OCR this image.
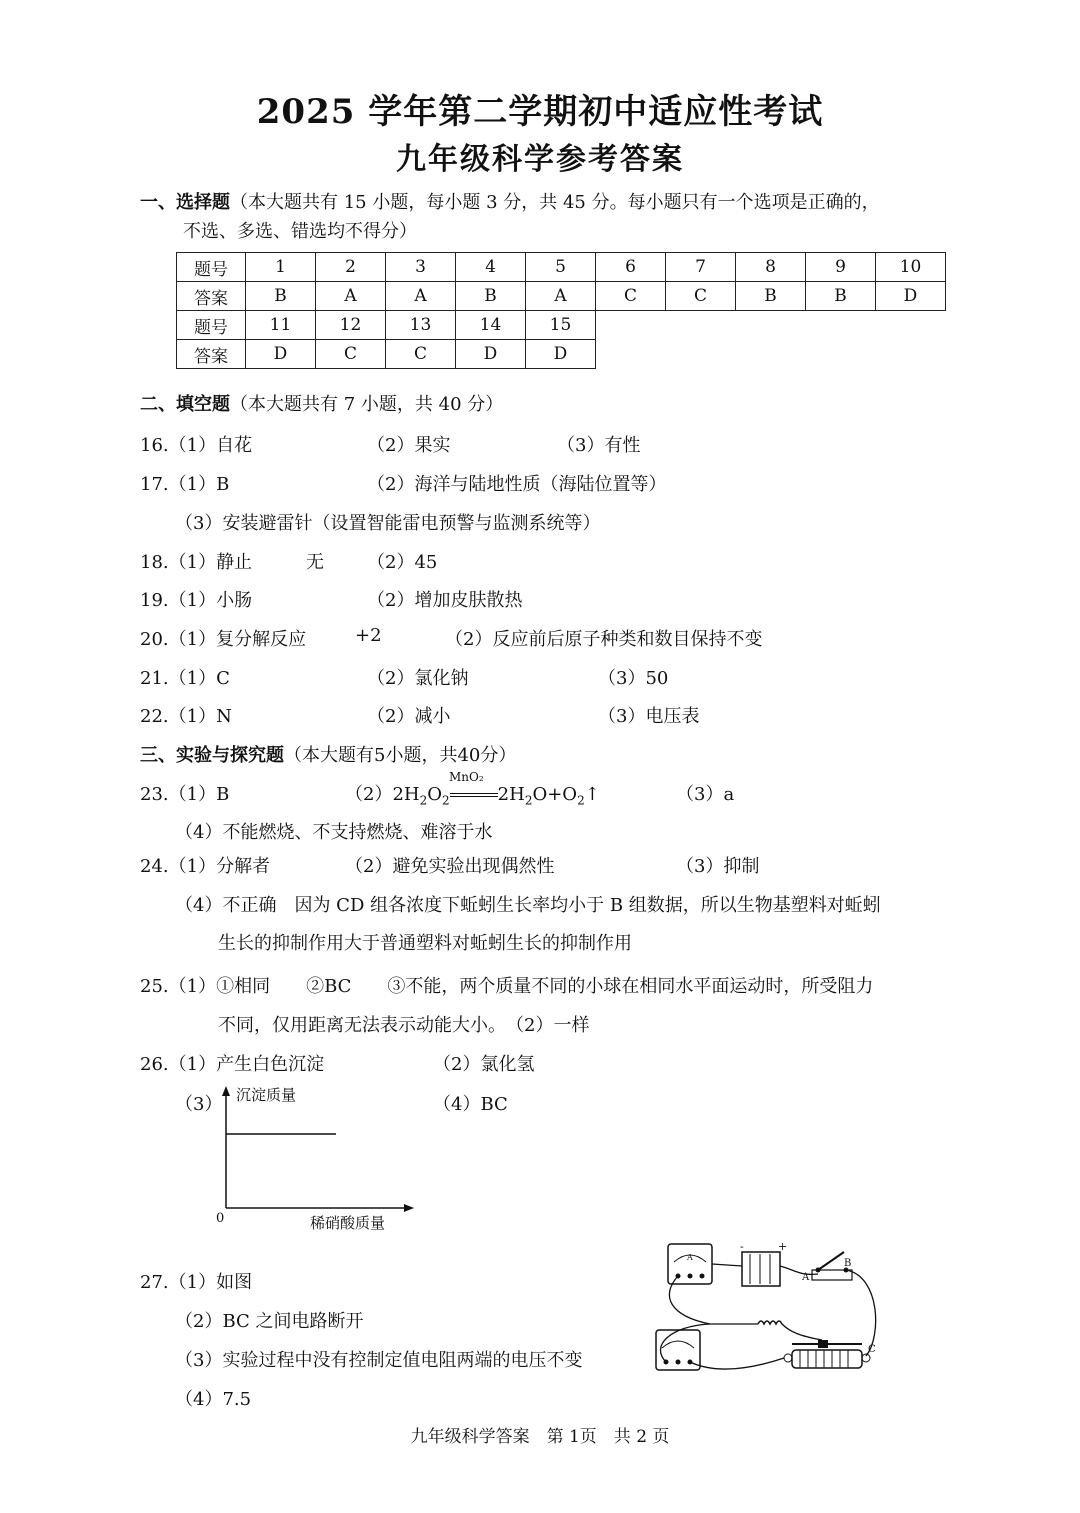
2025 学年第二学期初中适应性考试
九年级科学参考答案
一、选择题（本大题共有 15 小题，每小题 3 分，共 45 分。每小题只有一个选项是正确的，
不选、多选、错选均不得分）
题号	1	2	3	4	5	6	7	8	9	10
答案	B	A	A	B	A	C	C	B	B	D
题号	11	12	13	14	15					
答案	D	C	C	D	D					
二、填空题（本大题共有 7 小题，共 40 分）
16.（1）自花	（2）果实	（3）有性
17.（1）B	（2）海洋与陆地性质（海陆位置等）
（3）安装避雷针（设置智能雷电预警与监测系统等）
18.（1）静止	无 （2）45
19.（1）小肠	（2）增加皮肤散热
20.（1）复分解反应	+2	（2）反应前后原子种类和数目保持不变
21.（1）C	（2）氯化钠	（3）50
22.（1）N	（2）减小	（3）电压表
三、实验与探究题（本大题有5小题，共40分）
23.（1）B	$(2)2H_2O_2$	$2H_2O+O_2↑$
MnO₂
（3）a
（4）不能燃烧、不支持燃烧、难溶于水
24.（1）分解者	（2）避免实验出现偶然性	（3）抑制
（4）不正确　因为 CD 组各浓度下蚯蚓生长率均小于 B 组数据，所以生物基塑料对蚯蚓
生长的抑制作用大于普通塑料对蚯蚓生长的抑制作用
25.（1）①相同　　②BC　　③不能，两个质量不同的小球在相同水平面运动时，所受阻力
不同，仅用距离无法表示动能大小。　（2）一样
26.（1）产生白色沉淀	（2）氯化氢
（3）	（4）BC
沉淀质量
稀硝酸质量
0
27.（1）如图
（2）BC 之间电路断开
（3）实验过程中没有控制定值电阻两端的电压不变
（4）7.5
A
-	+
A
B
C
九年级科学答案　第 1页　共 2 页
